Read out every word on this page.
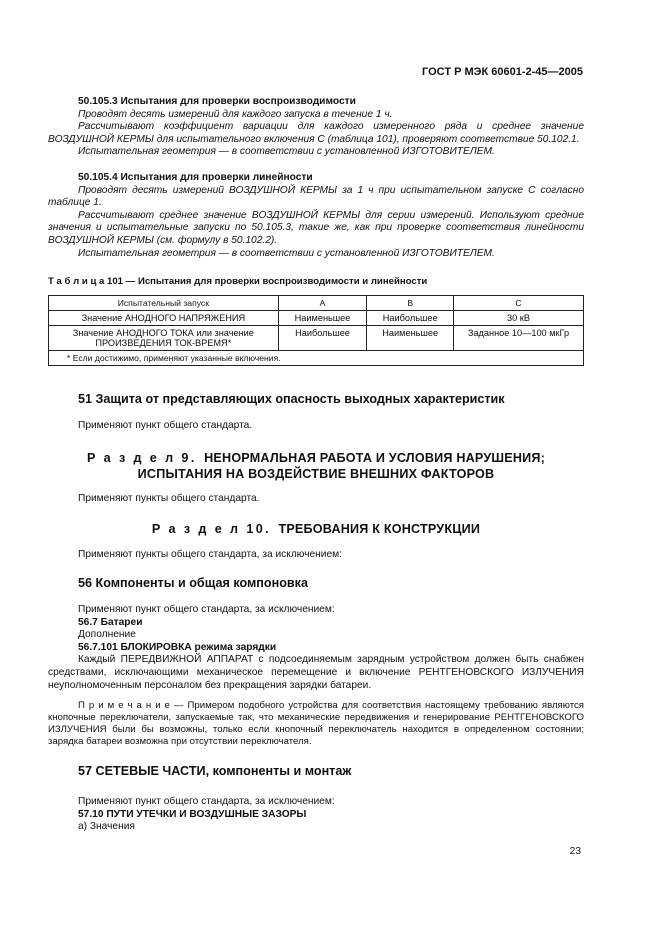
ГОСТ Р МЭК 60601-2-45—2005

50.105.3 Испытания для проверки воспроизводимости

Проводят десять измерений для каждого запуска в течение 1 ч.

Рассчитывают коэффициент вариации для каждого измеренного ряда и среднее значение ВОЗДУШНОЙ КЕРМЫ для испытательного включения С (таблица 101), проверяют соответствие 50.102.1.

Испытательная геометрия — в соответствии с установленной ИЗГОТОВИТЕЛЕМ.

50.105.4 Испытания для проверки линейности

Проводят десять измерений ВОЗДУШНОЙ КЕРМЫ за 1 ч при испытательном запуске С согласно таблице 1.

Рассчитывают среднее значение ВОЗДУШНОЙ КЕРМЫ для серии измерений. Используют средние значения и испытательные запуски по 50.105.3, такие же, как при проверке соответствия линейности ВОЗДУШНОЙ КЕРМЫ (см. формулу в 50.102.2).

Испытательная геометрия — в соответствии с установленной ИЗГОТОВИТЕЛЕМ.

Т а б л и ц а 101 — Испытания для проверки воспроизводимости и линейности
Испытательный запуск	А	В	С
Значение АНОДНОГО НАПРЯЖЕНИЯ	Наименьшее	Наибольшее	30 кВ
Значение АНОДНОГО ТОКА или значение ПРОИЗВЕДЕНИЯ ТОК-ВРЕМЯ*	Наибольшее	Наименьшее	Заданное 10—100 мкГр
* Если достижимо, применяют указанные включения.			
51 Защита от представляющих опасность выходных характеристик
Применяют пункт общего стандарта.
Р а з д е л 9. НЕНОРМАЛЬНАЯ РАБОТА И УСЛОВИЯ НАРУШЕНИЯ;
ИСПЫТАНИЯ НА ВОЗДЕЙСТВИЕ ВНЕШНИХ ФАКТОРОВ
Применяют пункты общего стандарта.
Р а з д е л 10. ТРЕБОВАНИЯ К КОНСТРУКЦИИ
Применяют пункты общего стандарта, за исключением:
56 Компоненты и общая компоновка

Применяют пункт общего стандарта, за исключением:

56.7 Батареи

Дополнение

56.7.101 БЛОКИРОВКА режима зарядки

Каждый ПЕРЕДВИЖНОЙ АППАРАТ с подсоединяемым зарядным устройством должен быть снабжен средствами, исключающими механическое перемещение и включение РЕНТГЕНОВСКОГО ИЗЛУЧЕНИЯ неуполномоченным персоналом без прекращения зарядки батареи.

П р и м е ч а н и е — Примером подобного устройства для соответствия настоящему требованию являются кнопочные переключатели, запускаемые так, что механические передвижения и генерирование РЕНТГЕНОВСКОГО ИЗЛУЧЕНИЯ были бы возможны, только если кнопочный переключатель находится в определенном состоянии; зарядка батареи возможна при отсутствии переключателя.

57 СЕТЕВЫЕ ЧАСТИ, компоненты и монтаж

Применяют пункт общего стандарта, за исключением:

57.10 ПУТИ УТЕЧКИ И ВОЗДУШНЫЕ ЗАЗОРЫ

а) Значения

23
